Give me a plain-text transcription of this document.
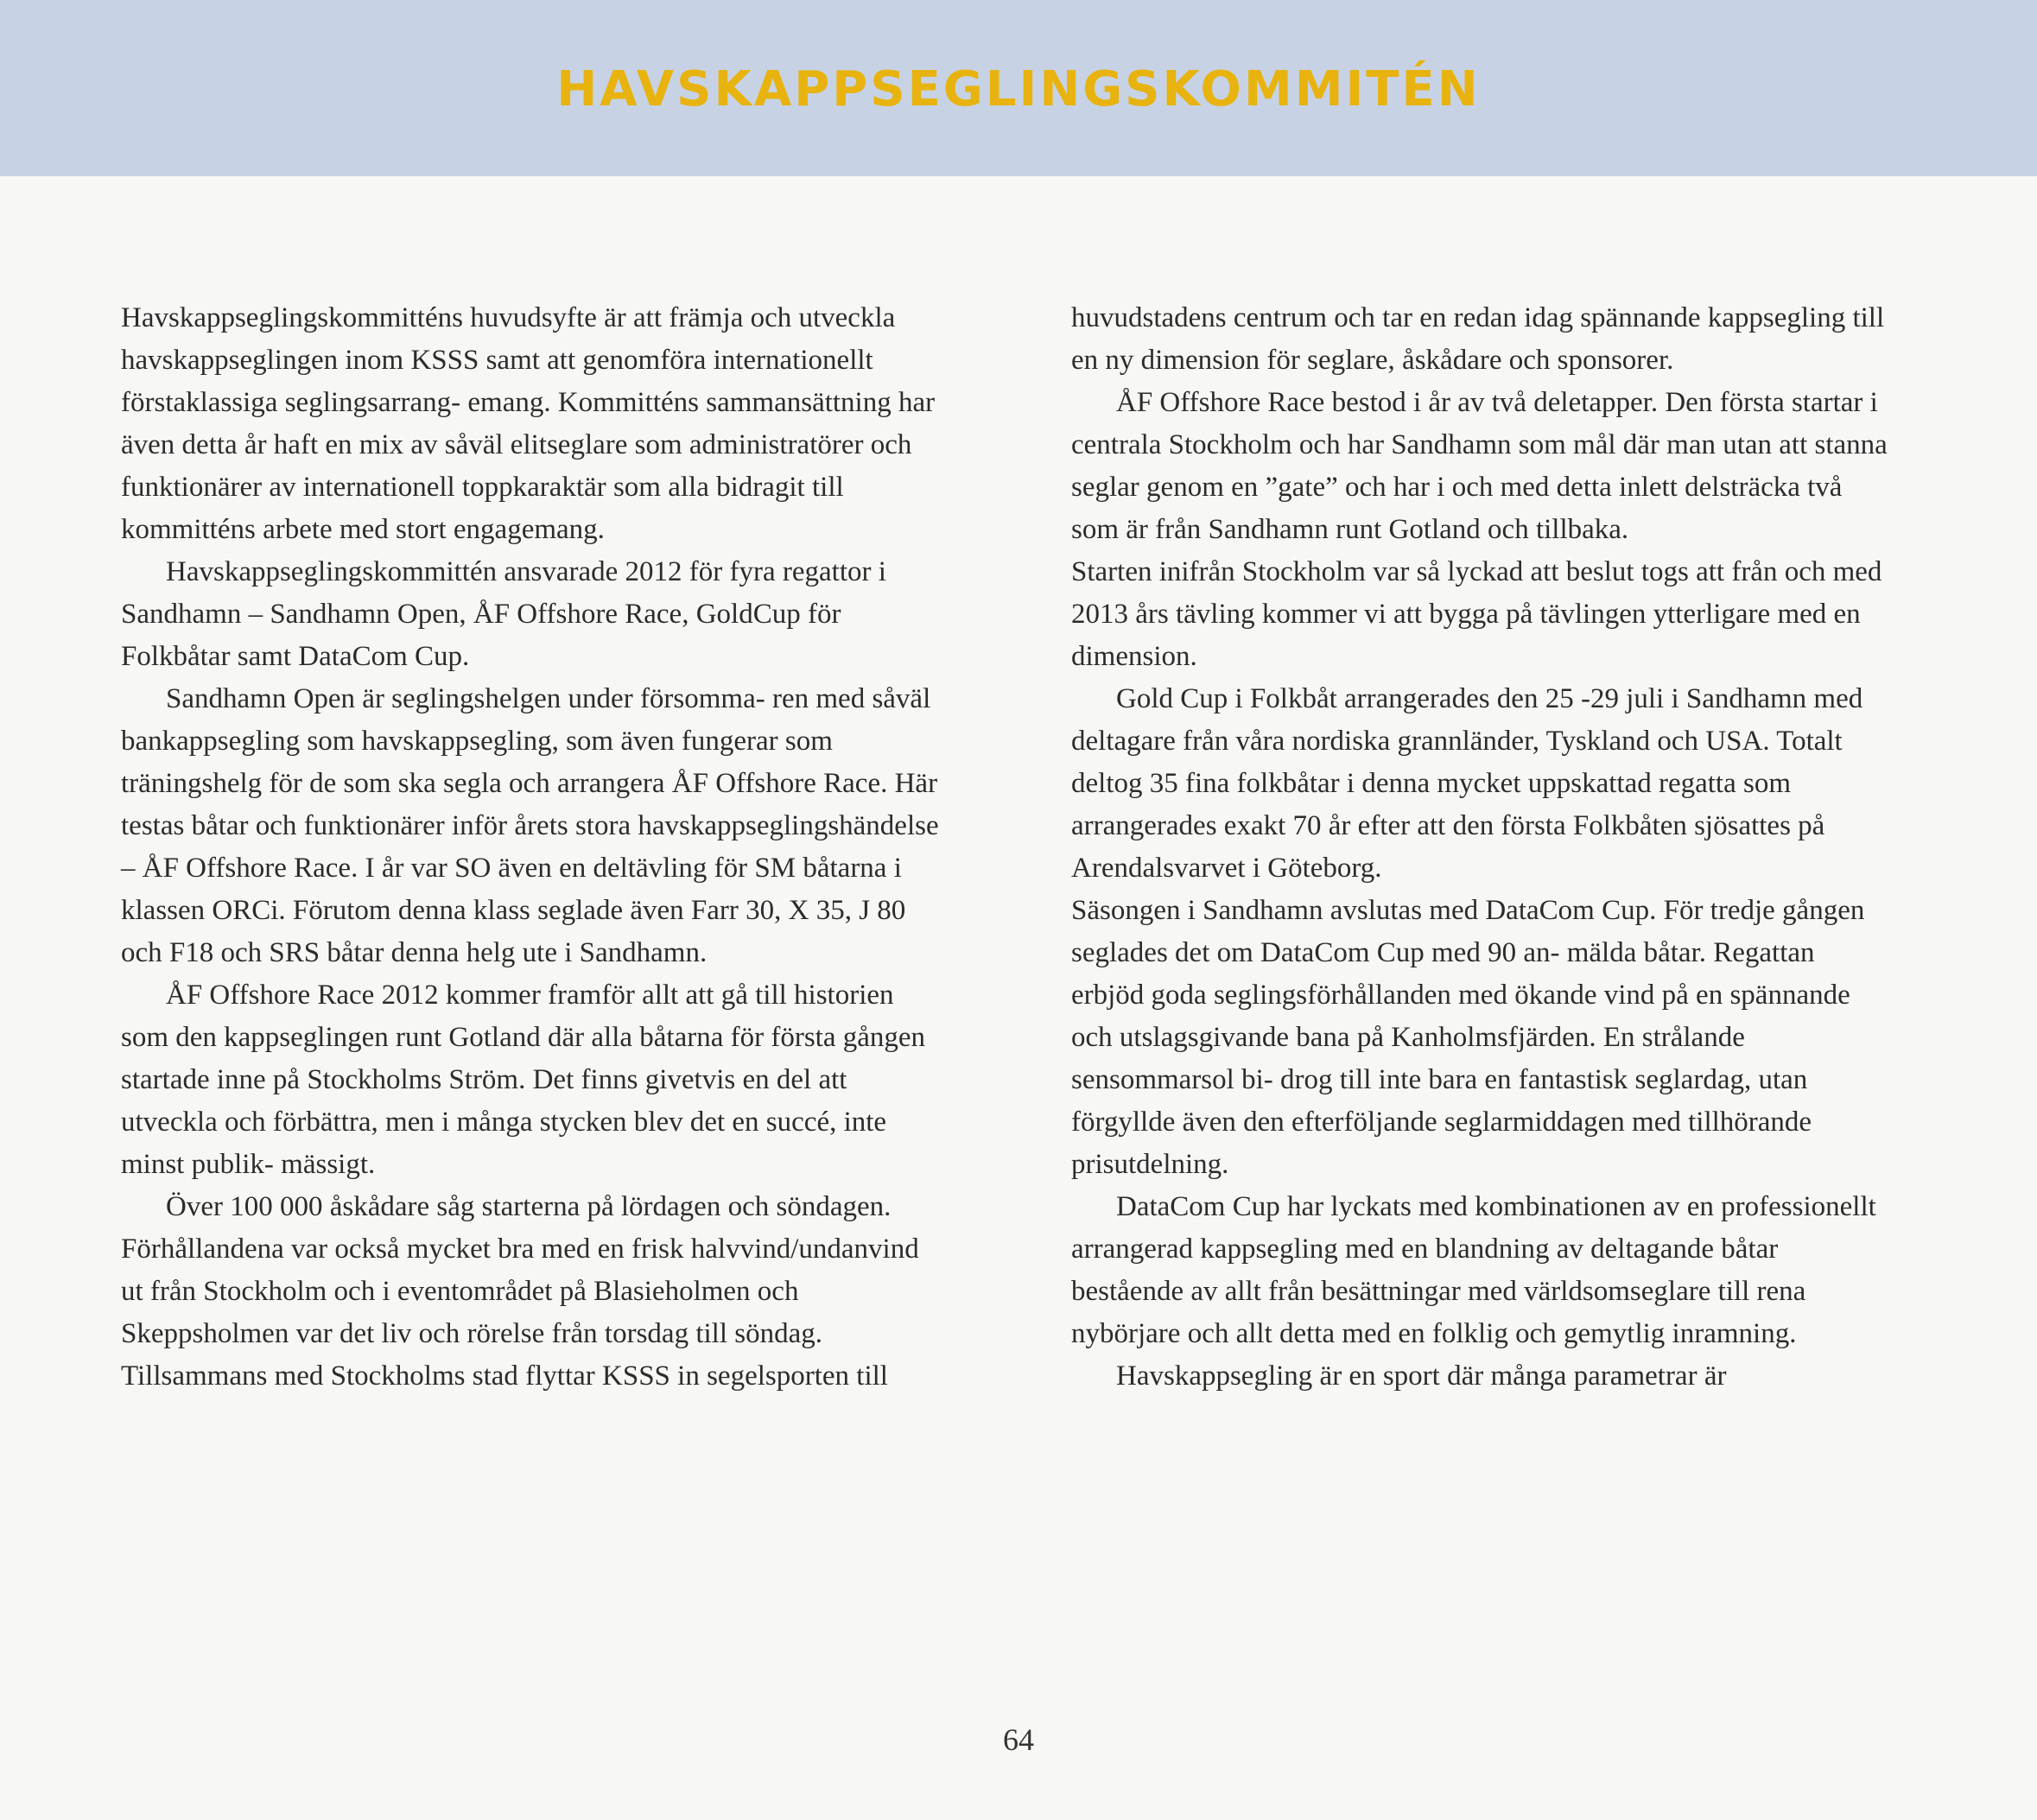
HAVSKAPPSEGLINGSKOMMITÉN

Havskappseglingskommitténs huvudsyfte är att främja och utveckla havskappseglingen inom KSSS samt att genomföra internationellt förstaklassiga seglingsarrang- emang. Kommitténs sammansättning har även detta år haft en mix av såväl elitseglare som administratörer och funktionärer av internationell toppkaraktär som alla bidragit till kommitténs arbete med stort engagemang.

Havskappseglingskommittén ansvarade 2012 för fyra regattor i Sandhamn – Sandhamn Open, ÅF Offshore Race, GoldCup för Folkbåtar samt DataCom Cup.

Sandhamn Open är seglingshelgen under försomma- ren med såväl bankappsegling som havskappsegling, som även fungerar som träningshelg för de som ska segla och arrangera ÅF Offshore Race. Här testas båtar och funktionärer inför årets stora havskappseglingshändelse – ÅF Offshore Race. I år var SO även en deltävling för SM båtarna i klassen ORCi. Förutom denna klass seglade även Farr 30, X 35, J 80 och F18 och SRS båtar denna helg ute i Sandhamn.

ÅF Offshore Race 2012 kommer framför allt att gå till historien som den kappseglingen runt Gotland där alla båtarna för första gången startade inne på Stockholms Ström. Det finns givetvis en del att utveckla och förbättra, men i många stycken blev det en succé, inte minst publik- mässigt.

Över 100 000 åskådare såg starterna på lördagen och söndagen. Förhållandena var också mycket bra med en frisk halvvind/undanvind ut från Stockholm och i eventområdet på Blasieholmen och Skeppsholmen var det liv och rörelse från torsdag till söndag. Tillsammans med Stockholms stad flyttar KSSS in segelsporten till

huvudstadens centrum och tar en redan idag spännande kappsegling till en ny dimension för seglare, åskådare och sponsorer.

ÅF Offshore Race bestod i år av två deletapper. Den första startar i centrala Stockholm och har Sandhamn som mål där man utan att stanna seglar genom en ”gate” och har i och med detta inlett delsträcka två som är från Sandhamn runt Gotland och tillbaka.

Starten inifrån Stockholm var så lyckad att beslut togs att från och med 2013 års tävling kommer vi att bygga på tävlingen ytterligare med en dimension.

Gold Cup i Folkbåt arrangerades den 25 -29 juli i Sandhamn med deltagare från våra nordiska grannländer, Tyskland och USA. Totalt deltog 35 fina folkbåtar i denna mycket uppskattad regatta som arrangerades exakt 70 år efter att den första Folkbåten sjösattes på Arendalsvarvet i Göteborg.

Säsongen i Sandhamn avslutas med DataCom Cup. För tredje gången seglades det om DataCom Cup med 90 an- mälda båtar. Regattan erbjöd goda seglingsförhållanden med ökande vind på en spännande och utslagsgivande bana på Kanholmsfjärden. En strålande sensommarsol bi- drog till inte bara en fantastisk seglardag, utan förgyllde även den efterföljande seglarmiddagen med tillhörande prisutdelning.

DataCom Cup har lyckats med kombinationen av en professionellt arrangerad kappsegling med en blandning av deltagande båtar bestående av allt från besättningar med världsomseglare till rena nybörjare och allt detta med en folklig och gemytlig inramning.

Havskappsegling är en sport där många parametrar är

64
